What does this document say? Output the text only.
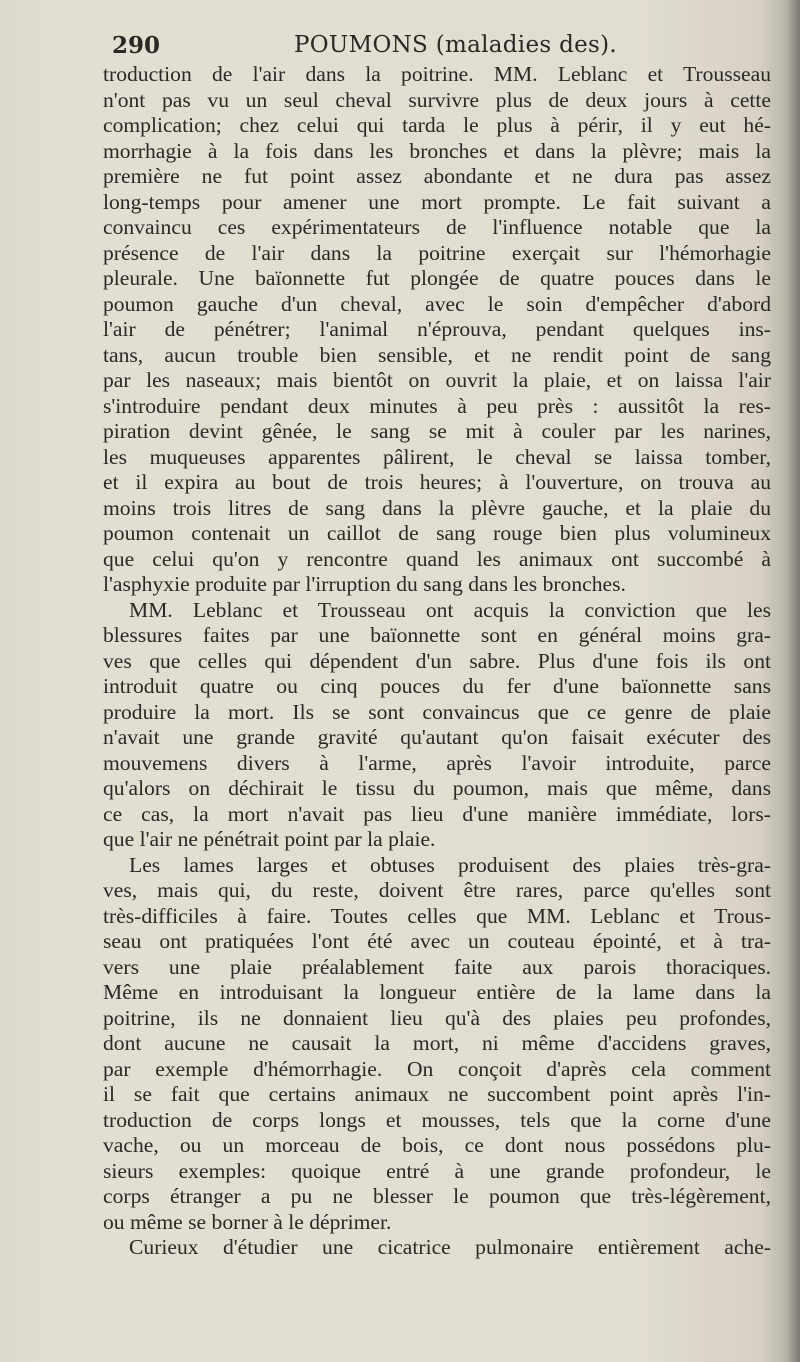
290	POUMONS (maladies des).
troduction de l'air dans la poitrine. MM. Leblanc et Trousseau
n'ont pas vu un seul cheval survivre plus de deux jours à cette
complication; chez celui qui tarda le plus à périr, il y eut hé-
morrhagie à la fois dans les bronches et dans la plèvre; mais la
première ne fut point assez abondante et ne dura pas assez
long-temps pour amener une mort prompte. Le fait suivant a
convaincu ces expérimentateurs de l'influence notable que la
présence de l'air dans la poitrine exerçait sur l'hémorhagie
pleurale. Une baïonnette fut plongée de quatre pouces dans le
poumon gauche d'un cheval, avec le soin d'empêcher d'abord
l'air de pénétrer; l'animal n'éprouva, pendant quelques ins-
tans, aucun trouble bien sensible, et ne rendit point de sang
par les naseaux; mais bientôt on ouvrit la plaie, et on laissa l'air
s'introduire pendant deux minutes à peu près : aussitôt la res-
piration devint gênée, le sang se mit à couler par les narines,
les muqueuses apparentes pâlirent, le cheval se laissa tomber,
et il expira au bout de trois heures; à l'ouverture, on trouva au
moins trois litres de sang dans la plèvre gauche, et la plaie du
poumon contenait un caillot de sang rouge bien plus volumineux
que celui qu'on y rencontre quand les animaux ont succombé à
l'asphyxie produite par l'irruption du sang dans les bronches.
MM. Leblanc et Trousseau ont acquis la conviction que les
blessures faites par une baïonnette sont en général moins gra-
ves que celles qui dépendent d'un sabre. Plus d'une fois ils ont
introduit quatre ou cinq pouces du fer d'une baïonnette sans
produire la mort. Ils se sont convaincus que ce genre de plaie
n'avait une grande gravité qu'autant qu'on faisait exécuter des
mouvemens divers à l'arme, après l'avoir introduite, parce
qu'alors on déchirait le tissu du poumon, mais que même, dans
ce cas, la mort n'avait pas lieu d'une manière immédiate, lors-
que l'air ne pénétrait point par la plaie.
Les lames larges et obtuses produisent des plaies très-gra-
ves, mais qui, du reste, doivent être rares, parce qu'elles sont
très-difficiles à faire. Toutes celles que MM. Leblanc et Trous-
seau ont pratiquées l'ont été avec un couteau épointé, et à tra-
vers une plaie préalablement faite aux parois thoraciques.
Même en introduisant la longueur entière de la lame dans la
poitrine, ils ne donnaient lieu qu'à des plaies peu profondes,
dont aucune ne causait la mort, ni même d'accidens graves,
par exemple d'hémorrhagie. On conçoit d'après cela comment
il se fait que certains animaux ne succombent point après l'in-
troduction de corps longs et mousses, tels que la corne d'une
vache, ou un morceau de bois, ce dont nous possédons plu-
sieurs exemples: quoique entré à une grande profondeur, le
corps étranger a pu ne blesser le poumon que très-légèrement,
ou même se borner à le déprimer.
Curieux d'étudier une cicatrice pulmonaire entièrement ache-
